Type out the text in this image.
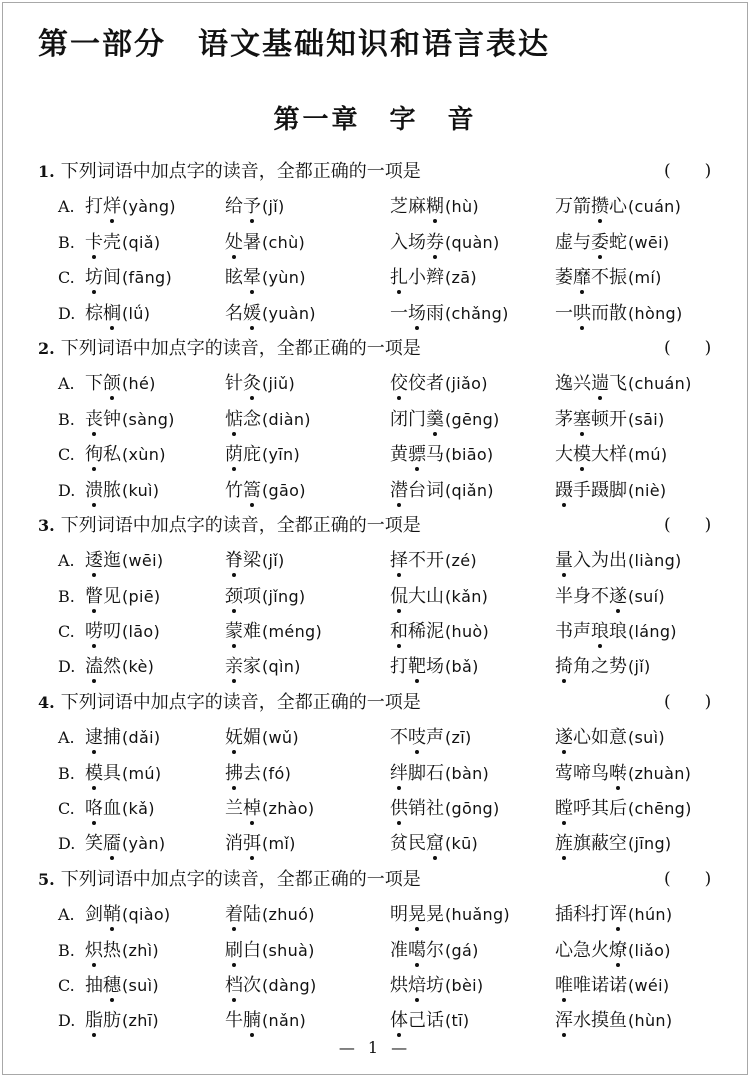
第一部分　语文基础知识和语言表达
第一章　字　音
1. 下列词语中加点字的读音，全都正确的一项是	(　　)
A. 打烊(yàng)	给予(jǐ)	芝麻糊(hù)	万箭攒心(cuán)
B. 卡壳(qiǎ)	处暑(chù)	入场券(quàn)	虚与委蛇(wēi)
C. 坊间(fāng)	眩晕(yùn)	扎小辫(zā)	萎靡不振(mí)
D. 棕榈(lǘ)	名媛(yuàn)	一场雨(chǎng)	一哄而散(hòng)
2. 下列词语中加点字的读音，全都正确的一项是	(　　)
A. 下颌(hé)	针灸(jiǔ)	佼佼者(jiǎo)	逸兴遄飞(chuán)
B. 丧钟(sàng)	惦念(diàn)	闭门羹(gēng)	茅塞顿开(sāi)
C. 徇私(xùn)	荫庇(yīn)	黄骠马(biāo)	大模大样(mú)
D. 溃脓(kuì)	竹篙(gāo)	潜台词(qiǎn)	蹑手蹑脚(niè)
3. 下列词语中加点字的读音，全都正确的一项是	(　　)
A. 逶迤(wēi)	脊梁(jǐ)	择不开(zé)	量入为出(liàng)
B. 瞥见(piē)	颈项(jǐng)	侃大山(kǎn)	半身不遂(suí)
C. 唠叨(lāo)	蒙难(méng)	和稀泥(huò)	书声琅琅(láng)
D. 溘然(kè)	亲家(qìn)	打靶场(bǎ)	掎角之势(jǐ)
4. 下列词语中加点字的读音，全都正确的一项是	(　　)
A. 逮捕(dǎi)	妩媚(wǔ)	不吱声(zī)	遂心如意(suì)
B. 模具(mú)	拂去(fó)	绊脚石(bàn)	莺啼鸟啭(zhuàn)
C. 咯血(kǎ)	兰棹(zhào)	供销社(gōng)	瞠呼其后(chēng)
D. 笑靥(yàn)	消弭(mǐ)	贫民窟(kū)	旌旗蔽空(jīng)
5. 下列词语中加点字的读音，全都正确的一项是	(　　)
A. 剑鞘(qiào)	着陆(zhuó)	明晃晃(huǎng)	插科打诨(hún)
B. 炽热(zhì)	刷白(shuà)	准噶尔(gá)	心急火燎(liǎo)
C. 抽穗(suì)	档次(dàng)	烘焙坊(bèi)	唯唯诺诺(wéi)
D. 脂肪(zhī)	牛腩(nǎn)	体己话(tī)	浑水摸鱼(hùn)
— 1 —
